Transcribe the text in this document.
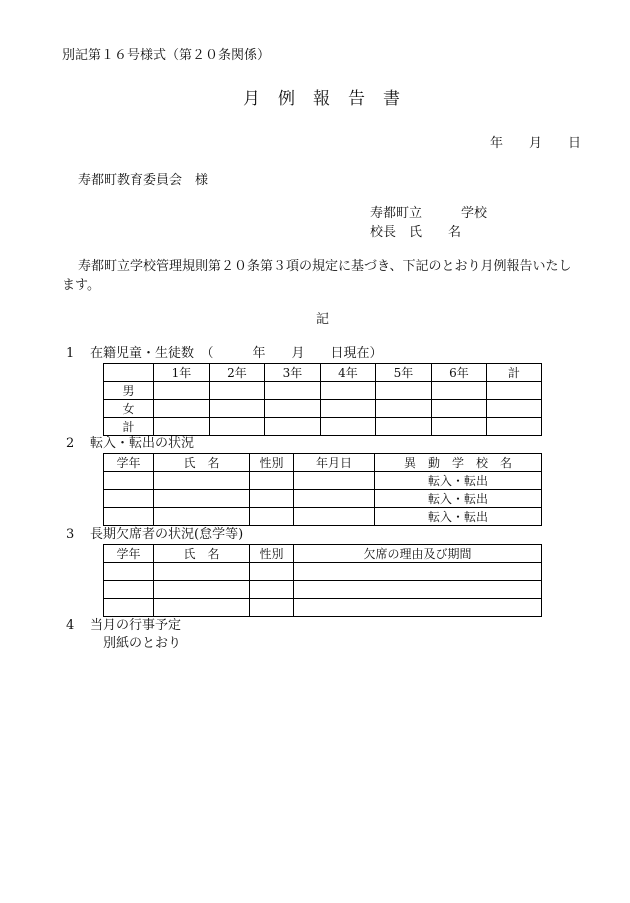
別記第１６号様式（第２０条関係）
月例報告書
年　　月　　日
寿都町教育委員会　様
寿都町立　　　学校
校長　氏　　名

寿都町立学校管理規則第２０条第３項の規定に基づき、下記のとおり月例報告いたします。

記
1 在籍児童・生徒数　（　　　年　　月　　日現在）
	1年	2年	3年	4年	5年	6年	計
男							
女							
計							
2 転入・転出の状況
学年	氏　名	性別	年月日	異　動　学　校　名
				転入・転出
				転入・転出
				転入・転出
3 長期欠席者の状況(怠学等)
学年	氏　名	性別	欠席の理由及び期間

4 当月の行事予定
別紙のとおり
